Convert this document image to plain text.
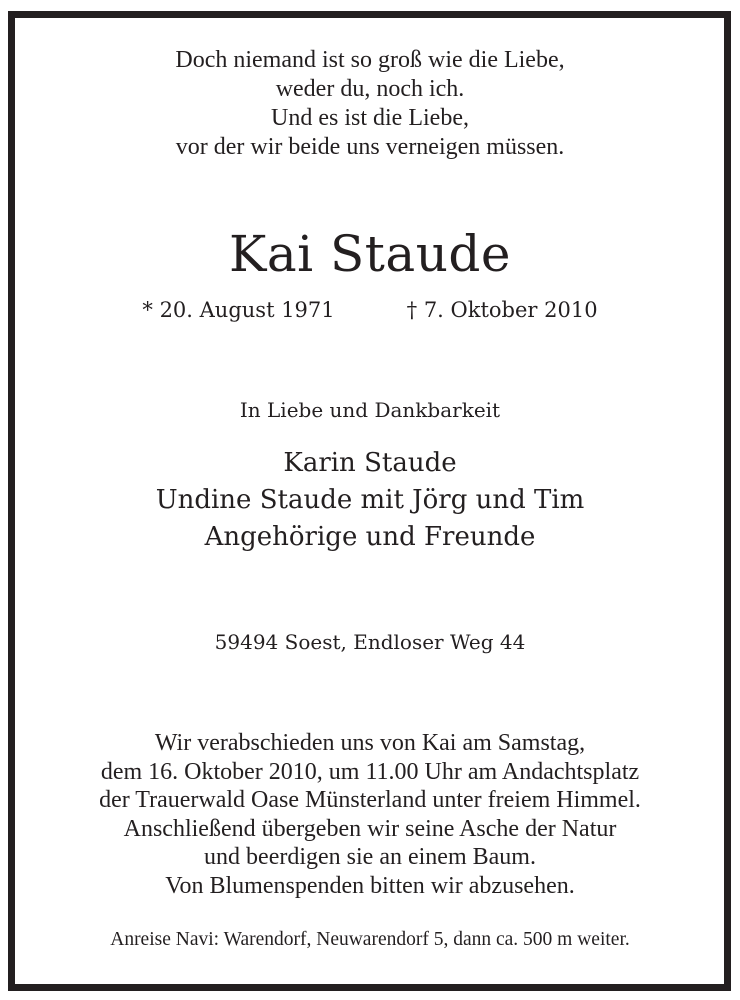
Doch niemand ist so groß wie die Liebe,
weder du, noch ich.
Und es ist die Liebe,
vor der wir beide uns verneigen müssen.
Kai Staude
* 20. August 1971	† 7. Oktober 2010
In Liebe und Dankbarkeit
Karin Staude
Undine Staude mit Jörg und Tim
Angehörige und Freunde
59494 Soest, Endloser Weg 44
Wir verabschieden uns von Kai am Samstag,
dem 16. Oktober 2010, um 11.00 Uhr am Andachtsplatz
der Trauerwald Oase Münsterland unter freiem Himmel.
Anschließend übergeben wir seine Asche der Natur
und beerdigen sie an einem Baum.
Von Blumenspenden bitten wir abzusehen.
Anreise Navi: Warendorf, Neuwarendorf 5, dann ca. 500 m weiter.
